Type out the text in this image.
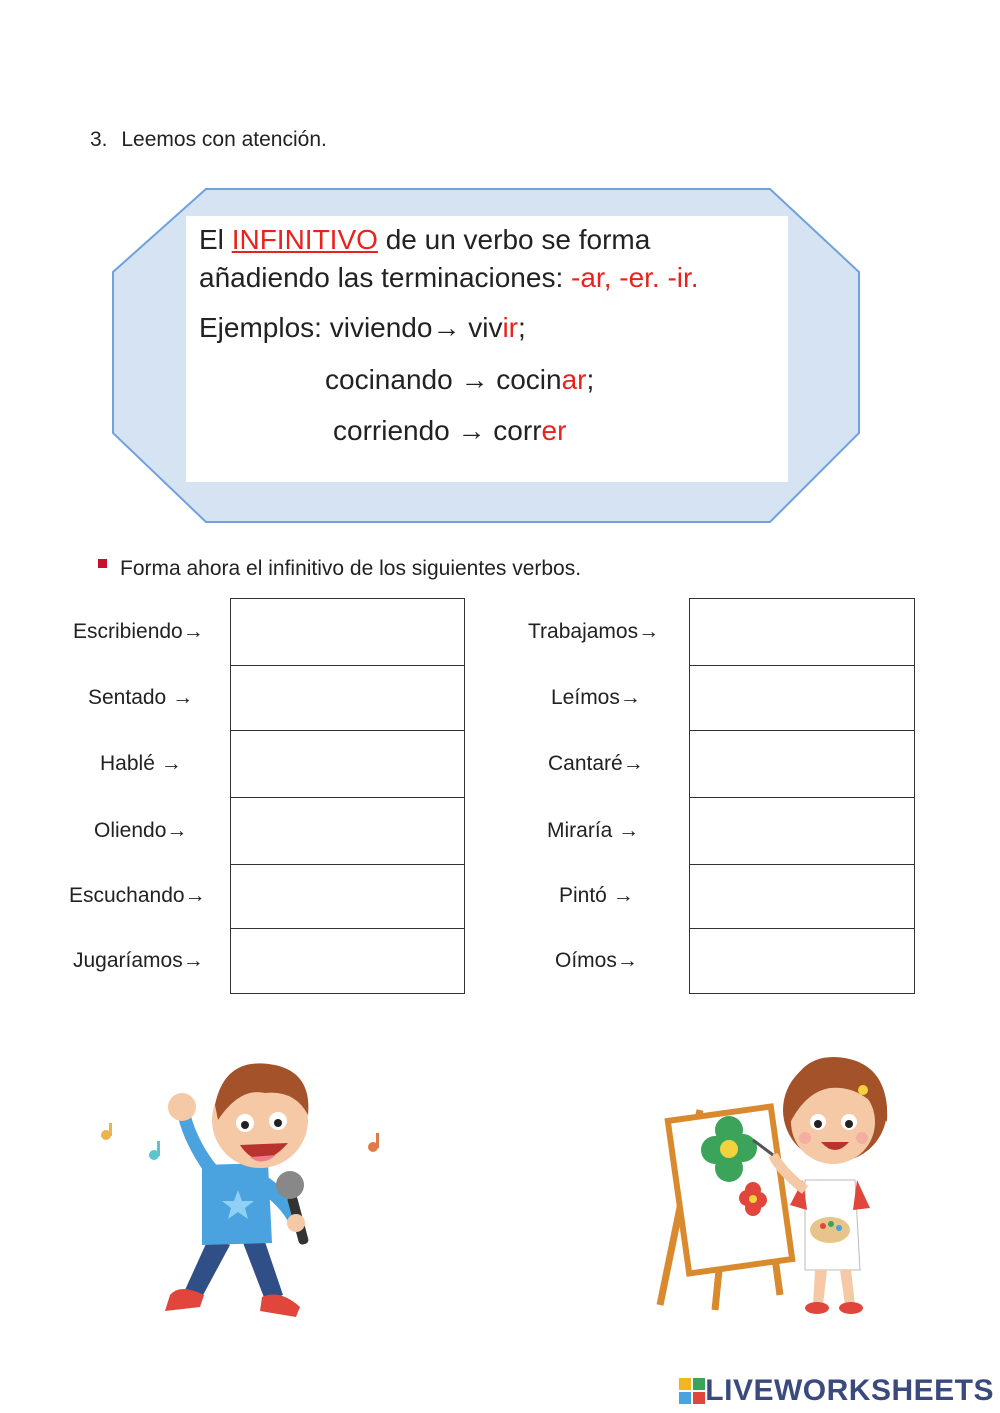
3. Leemos con atención.
El INFINITIVO de un verbo se forma
añadiendo las terminaciones: -ar, -er. -ir.
Ejemplos: viviendo→ vivir;
cocinando → cocinar;
corriendo → correr
Forma ahora el infinitivo de los siguientes verbos.
Escribiendo→
Sentado →
Hablé →
Oliendo→
Escuchando→
Jugaríamos→
Trabajamos→
Leímos→
Cantaré→
Miraría →
Pintó →
Oímos→
LIVEWORKSHEETS
